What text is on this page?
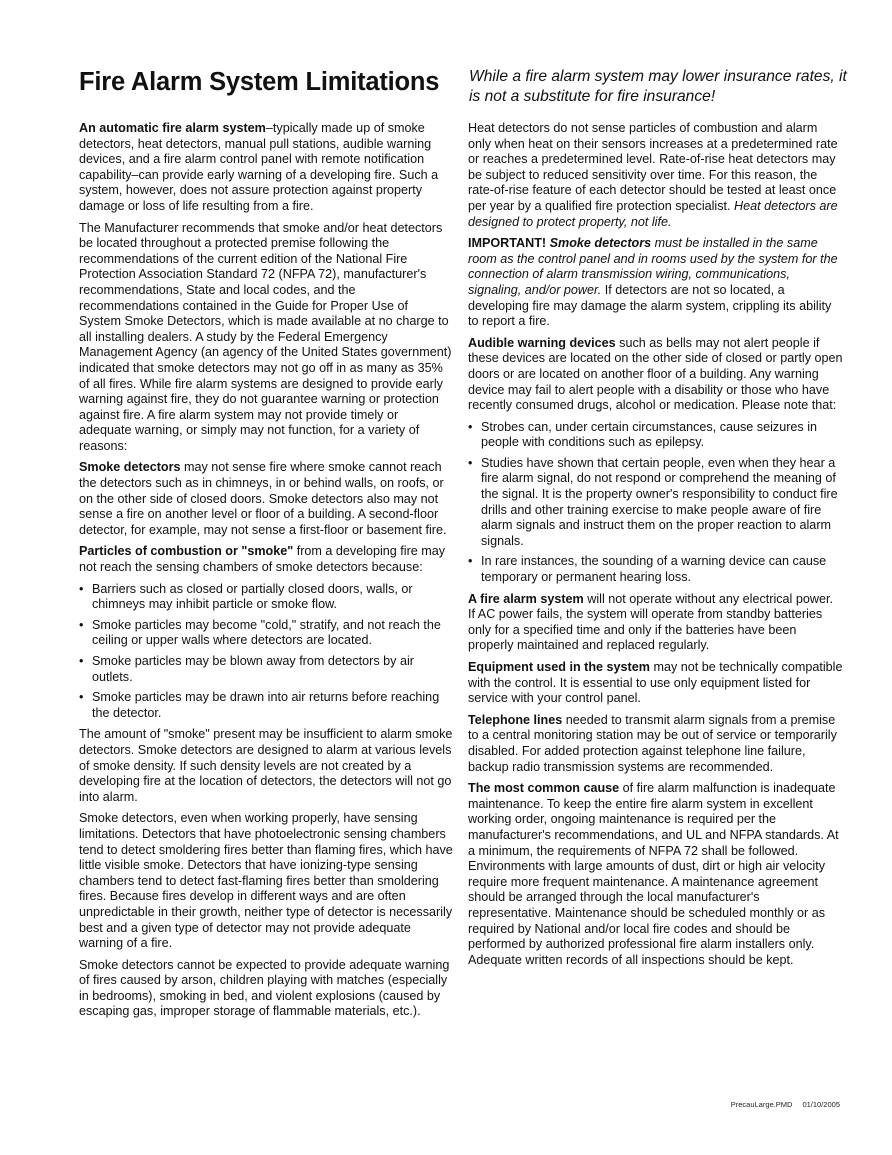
Fire Alarm System Limitations While a fire alarm system may lower insurance rates, it is not a substitute for fire insurance!

An automatic fire alarm system–typically made up of smoke detectors, heat detectors, manual pull stations, audible warning devices, and a fire alarm control panel with remote notification capability–can provide early warning of a developing fire. Such a system, however, does not assure protection against property damage or loss of life resulting from a fire.

The Manufacturer recommends that smoke and/or heat detectors be located throughout a protected premise following the recommendations of the current edition of the National Fire Protection Association Standard 72 (NFPA 72), manufacturer's recommendations, State and local codes, and the recommendations contained in the Guide for Proper Use of System Smoke Detectors, which is made available at no charge to all installing dealers. A study by the Federal Emergency Management Agency (an agency of the United States government) indicated that smoke detectors may not go off in as many as 35% of all fires. While fire alarm systems are designed to provide early warning against fire, they do not guarantee warning or protection against fire. A fire alarm system may not provide timely or adequate warning, or simply may not function, for a variety of reasons:

Smoke detectors may not sense fire where smoke cannot reach the detectors such as in chimneys, in or behind walls, on roofs, or on the other side of closed doors. Smoke detectors also may not sense a fire on another level or floor of a building. A second-floor detector, for example, may not sense a first-floor or basement fire.

Particles of combustion or "smoke" from a developing fire may not reach the sensing chambers of smoke detectors because:

• Barriers such as closed or partially closed doors, walls, or chimneys may inhibit particle or smoke flow.
• Smoke particles may become "cold," stratify, and not reach the ceiling or upper walls where detectors are located.
• Smoke particles may be blown away from detectors by air outlets.
• Smoke particles may be drawn into air returns before reaching the detector.

The amount of "smoke" present may be insufficient to alarm smoke detectors. Smoke detectors are designed to alarm at various levels of smoke density. If such density levels are not created by a developing fire at the location of detectors, the detectors will not go into alarm.

Smoke detectors, even when working properly, have sensing limitations. Detectors that have photoelectronic sensing chambers tend to detect smoldering fires better than flaming fires, which have little visible smoke. Detectors that have ionizing-type sensing chambers tend to detect fast-flaming fires better than smoldering fires. Because fires develop in different ways and are often unpredictable in their growth, neither type of detector is necessarily best and a given type of detector may not provide adequate warning of a fire.

Smoke detectors cannot be expected to provide adequate warning of fires caused by arson, children playing with matches (especially in bedrooms), smoking in bed, and violent explosions (caused by escaping gas, improper storage of flammable materials, etc.).

Heat detectors do not sense particles of combustion and alarm only when heat on their sensors increases at a predetermined rate or reaches a predetermined level. Rate-of-rise heat detectors may be subject to reduced sensitivity over time. For this reason, the rate-of-rise feature of each detector should be tested at least once per year by a qualified fire protection specialist. Heat detectors are designed to protect property, not life.

IMPORTANT! Smoke detectors must be installed in the same room as the control panel and in rooms used by the system for the connection of alarm transmission wiring, communications, signaling, and/or power. If detectors are not so located, a developing fire may damage the alarm system, crippling its ability to report a fire.

Audible warning devices such as bells may not alert people if these devices are located on the other side of closed or partly open doors or are located on another floor of a building. Any warning device may fail to alert people with a disability or those who have recently consumed drugs, alcohol or medication. Please note that:

• Strobes can, under certain circumstances, cause seizures in people with conditions such as epilepsy.
• Studies have shown that certain people, even when they hear a fire alarm signal, do not respond or comprehend the meaning of the signal. It is the property owner's responsibility to conduct fire drills and other training exercise to make people aware of fire alarm signals and instruct them on the proper reaction to alarm signals.
• In rare instances, the sounding of a warning device can cause temporary or permanent hearing loss.

A fire alarm system will not operate without any electrical power. If AC power fails, the system will operate from standby batteries only for a specified time and only if the batteries have been properly maintained and replaced regularly.

Equipment used in the system may not be technically compatible with the control. It is essential to use only equipment listed for service with your control panel.

Telephone lines needed to transmit alarm signals from a premise to a central monitoring station may be out of service or temporarily disabled. For added protection against telephone line failure, backup radio transmission systems are recommended.

The most common cause of fire alarm malfunction is inadequate maintenance. To keep the entire fire alarm system in excellent working order, ongoing maintenance is required per the manufacturer's recommendations, and UL and NFPA standards. At a minimum, the requirements of NFPA 72 shall be followed. Environments with large amounts of dust, dirt or high air velocity require more frequent maintenance. A maintenance agreement should be arranged through the local manufacturer's representative. Maintenance should be scheduled monthly or as required by National and/or local fire codes and should be performed by authorized professional fire alarm installers only. Adequate written records of all inspections should be kept.

PrecauLarge.PMD 01/10/2005
